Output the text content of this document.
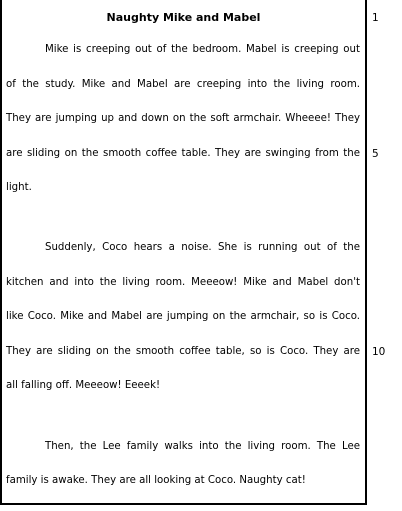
Naughty Mike and Mabel
Mike is creeping out of the bedroom. Mabel is creeping out
of the study. Mike and Mabel are creeping into the living room.
They are jumping up and down on the soft armchair. Wheeee! They
are sliding on the smooth coffee table. They are swinging from the
light.
Suddenly, Coco hears a noise. She is running out of the
kitchen and into the living room. Meeeow! Mike and Mabel don't
like Coco. Mike and Mabel are jumping on the armchair, so is Coco.
They are sliding on the smooth coffee table, so is Coco. They are
all falling off. Meeeow! Eeeek!
Then, the Lee family walks into the living room. The Lee
family is awake. They are all looking at Coco. Naughty cat!
1
5
10
